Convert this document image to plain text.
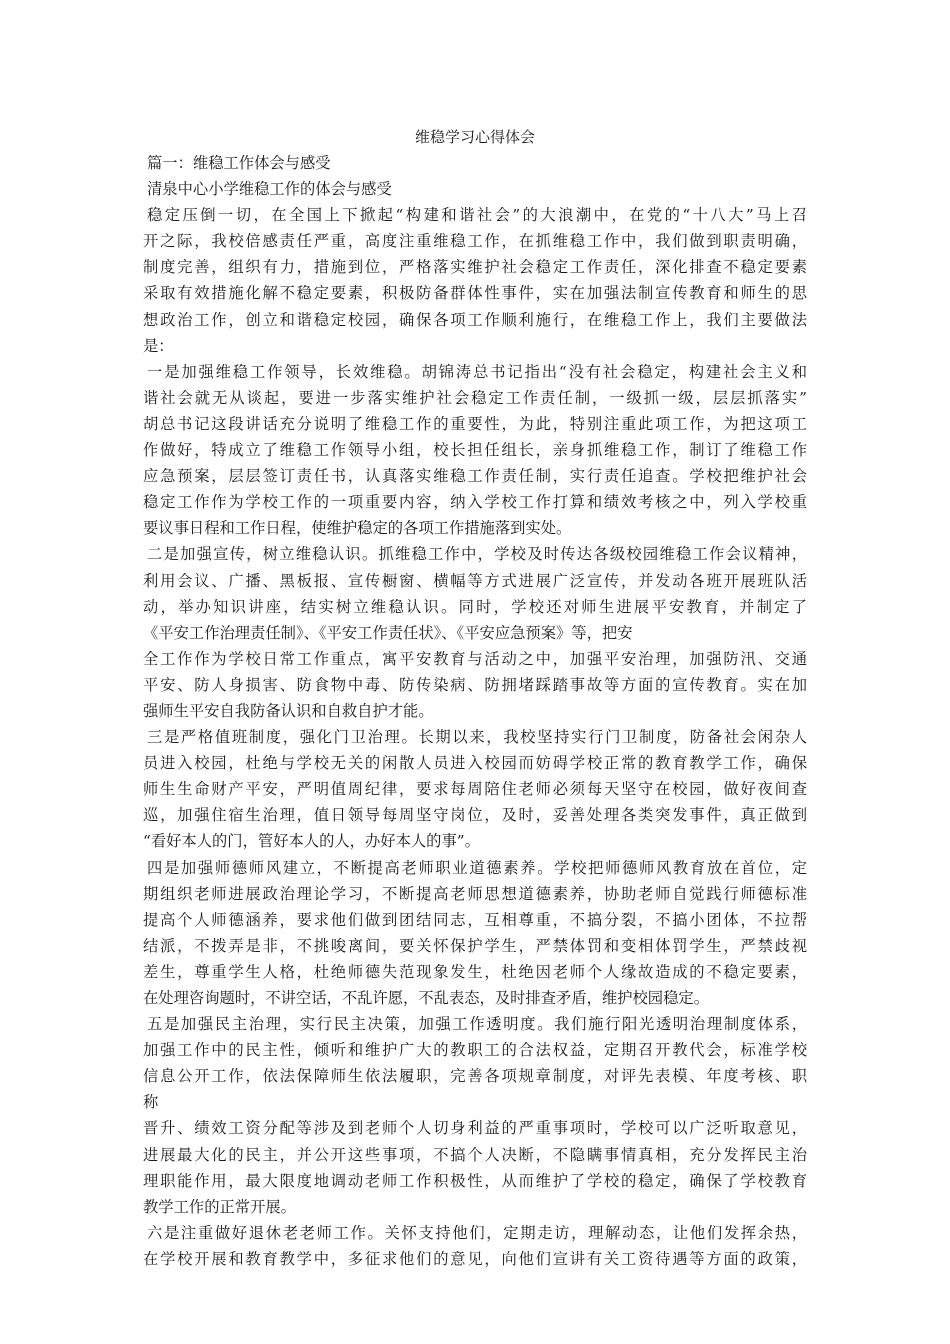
维稳学习心得体会
篇一：维稳工作体会与感受
清泉中心小学维稳工作的体会与感受
稳定压倒一切，在全国上下掀起“构建和谐社会”的大浪潮中，在党的“十八大”马上召
开之际，我校倍感责任严重，高度注重维稳工作，在抓维稳工作中，我们做到职责明确，
制度完善，组织有力，措施到位，严格落实维护社会稳定工作责任，深化排查不稳定要素
采取有效措施化解不稳定要素，积极防备群体性事件，实在加强法制宣传教育和师生的思
想政治工作，创立和谐稳定校园，确保各项工作顺利施行，在维稳工作上，我们主要做法
是：
一是加强维稳工作领导，长效维稳。胡锦涛总书记指出“没有社会稳定，构建社会主义和
谐社会就无从谈起，要进一步落实维护社会稳定工作责任制，一级抓一级，层层抓落实”
胡总书记这段讲话充分说明了维稳工作的重要性，为此，特别注重此项工作，为把这项工
作做好，特成立了维稳工作领导小组，校长担任组长，亲身抓维稳工作，制订了维稳工作
应急预案，层层签订责任书，认真落实维稳工作责任制，实行责任追查。学校把维护社会
稳定工作作为学校工作的一项重要内容，纳入学校工作打算和绩效考核之中，列入学校重
要议事日程和工作日程，使维护稳定的各项工作措施落到实处。
二是加强宣传，树立维稳认识。抓维稳工作中，学校及时传达各级校园维稳工作会议精神，
利用会议、广播、黑板报、宣传橱窗、横幅等方式进展广泛宣传，并发动各班开展班队活
动，举办知识讲座，结实树立维稳认识。同时，学校还对师生进展平安教育，并制定了
《平安工作治理责任制》、《平安工作责任状》、《平安应急预案》等，把安
全工作作为学校日常工作重点，寓平安教育与活动之中，加强平安治理，加强防汛、交通
平安、防人身损害、防食物中毒、防传染病、防拥堵踩踏事故等方面的宣传教育。实在加
强师生平安自我防备认识和自救自护才能。
三是严格值班制度，强化门卫治理。长期以来，我校坚持实行门卫制度，防备社会闲杂人
员进入校园，杜绝与学校无关的闲散人员进入校园而妨碍学校正常的教育教学工作，确保
师生生命财产平安，严明值周纪律，要求每周陪住老师必须每天坚守在校园，做好夜间查
巡，加强住宿生治理，值日领导每周坚守岗位，及时，妥善处理各类突发事件，真正做到
“看好本人的门，管好本人的人，办好本人的事”。
四是加强师德师风建立，不断提高老师职业道德素养。学校把师德师风教育放在首位，定
期组织老师进展政治理论学习，不断提高老师思想道德素养，协助老师自觉践行师德标准
提高个人师德涵养，要求他们做到团结同志，互相尊重，不搞分裂，不搞小团体，不拉帮
结派，不拨弄是非，不挑唆离间，要关怀保护学生，严禁体罚和变相体罚学生，严禁歧视
差生，尊重学生人格，杜绝师德失范现象发生，杜绝因老师个人缘故造成的不稳定要素，
在处理咨询题时，不讲空话，不乱许愿，不乱表态，及时排查矛盾，维护校园稳定。
五是加强民主治理，实行民主决策，加强工作透明度。我们施行阳光透明治理制度体系，
加强工作中的民主性，倾听和维护广大的教职工的合法权益，定期召开教代会，标准学校
信息公开工作，依法保障师生依法履职，完善各项规章制度，对评先表模、年度考核、职
称
晋升、绩效工资分配等涉及到老师个人切身利益的严重事项时，学校可以广泛听取意见，
进展最大化的民主，并公开这些事项，不搞个人决断，不隐瞒事情真相，充分发挥民主治
理职能作用，最大限度地调动老师工作积极性，从而维护了学校的稳定，确保了学校教育
教学工作的正常开展。
六是注重做好退休老老师工作。关怀支持他们，定期走访，理解动态，让他们发挥余热，
在学校开展和教育教学中，多征求他们的意见，向他们宣讲有关工资待遇等方面的政策，
